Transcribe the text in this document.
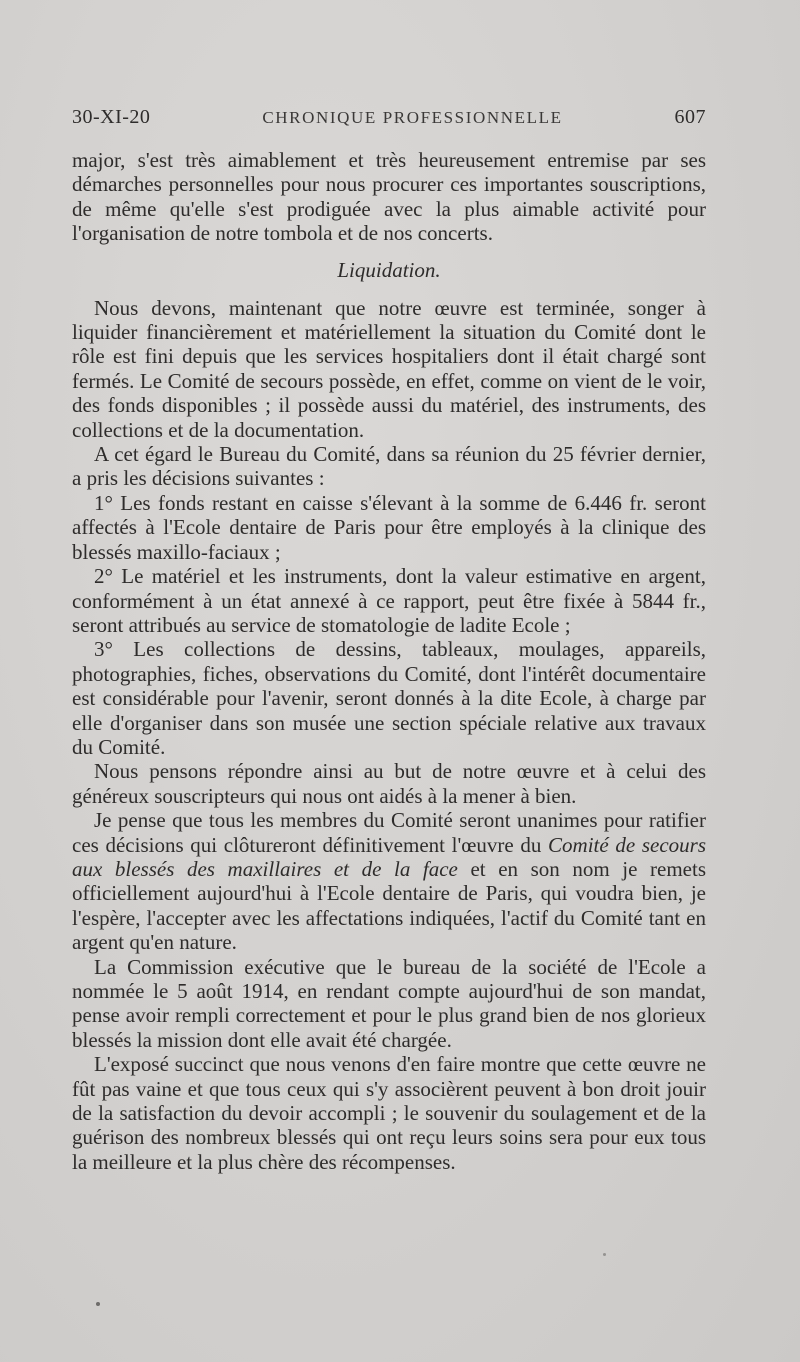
30-XI-20	CHRONIQUE PROFESSIONNELLE	607

major, s'est très aimablement et très heureusement entremise par ses démarches personnelles pour nous procurer ces importantes souscriptions, de même qu'elle s'est prodiguée avec la plus aimable activité pour l'organisation de notre tombola et de nos concerts.

Liquidation.

Nous devons, maintenant que notre œuvre est terminée, songer à liquider financièrement et matériellement la situation du Comité dont le rôle est fini depuis que les services hospitaliers dont il était chargé sont fermés. Le Comité de secours possède, en effet, comme on vient de le voir, des fonds disponibles ; il possède aussi du matériel, des instruments, des collections et de la documentation.

A cet égard le Bureau du Comité, dans sa réunion du 25 février dernier, a pris les décisions suivantes :

1° Les fonds restant en caisse s'élevant à la somme de 6.446 fr. seront affectés à l'Ecole dentaire de Paris pour être employés à la clinique des blessés maxillo-faciaux ;

2° Le matériel et les instruments, dont la valeur estimative en argent, conformément à un état annexé à ce rapport, peut être fixée à 5844 fr., seront attribués au service de stomatologie de ladite Ecole ;

3° Les collections de dessins, tableaux, moulages, appareils, photographies, fiches, observations du Comité, dont l'intérêt documentaire est considérable pour l'avenir, seront donnés à la dite Ecole, à charge par elle d'organiser dans son musée une section spéciale relative aux travaux du Comité.

Nous pensons répondre ainsi au but de notre œuvre et à celui des généreux souscripteurs qui nous ont aidés à la mener à bien.

Je pense que tous les membres du Comité seront unanimes pour ratifier ces décisions qui clôtureront définitivement l'œuvre du Comité de secours aux blessés des maxillaires et de la face et en son nom je remets officiellement aujourd'hui à l'Ecole dentaire de Paris, qui voudra bien, je l'espère, l'accepter avec les affectations indiquées, l'actif du Comité tant en argent qu'en nature.

La Commission exécutive que le bureau de la société de l'Ecole a nommée le 5 août 1914, en rendant compte aujourd'hui de son mandat, pense avoir rempli correctement et pour le plus grand bien de nos glorieux blessés la mission dont elle avait été chargée.

L'exposé succinct que nous venons d'en faire montre que cette œuvre ne fût pas vaine et que tous ceux qui s'y associèrent peuvent à bon droit jouir de la satisfaction du devoir accompli ; le souvenir du soulagement et de la guérison des nombreux blessés qui ont reçu leurs soins sera pour eux tous la meilleure et la plus chère des récompenses.
